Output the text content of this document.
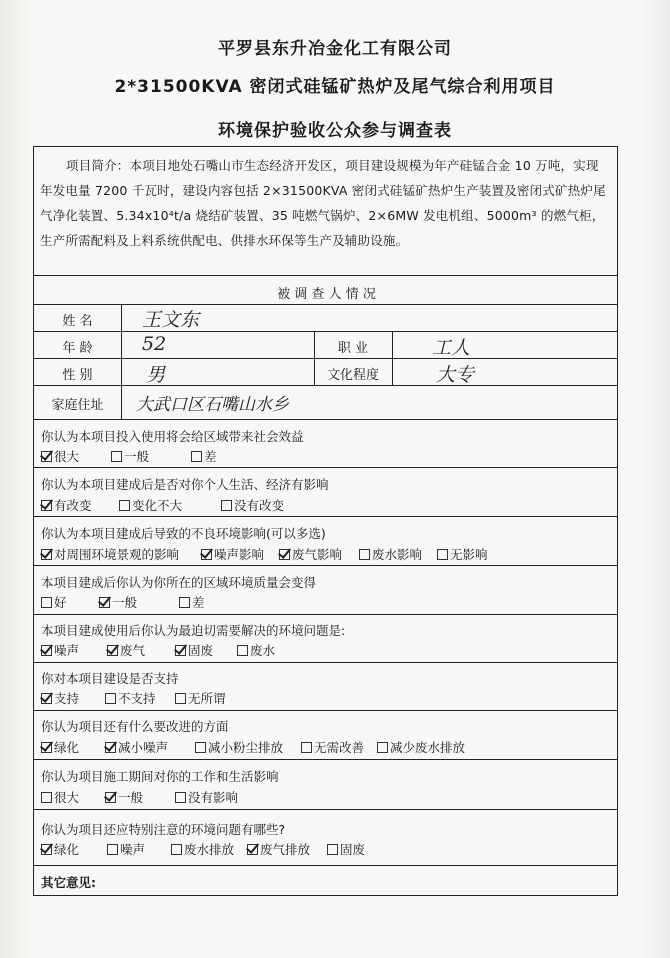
平罗县东升冶金化工有限公司
2*31500KVA 密闭式硅锰矿热炉及尾气综合利用项目
环境保护验收公众参与调查表
项目简介：本项目地处石嘴山市生态经济开发区，项目建设规模为年产硅锰合金 10 万吨，实现年发电量 7200 千瓦时，建设内容包括 2×31500KVA 密闭式硅锰矿热炉生产装置及密闭式矿热炉尾气净化装置、5.34x10⁴t/a 烧结矿装置、35 吨燃气锅炉、2×6MW 发电机组、5000m³ 的燃气柜，生产所需配料及上料系统供配电、供排水环保等生产及辅助设施。
被 调 查 人 情 况
姓 名	王文东
年 龄	52	职 业	工人
性 别	男	文化程度	大专
家庭住址	大武口区石嘴山水乡
你认为本项目投入使用将会给区域带来社会效益
很大	一般	差
你认为本项目建成后是否对你个人生活、经济有影响
有改变	变化不大	没有改变
你认为本项目建成后导致的不良环境影响(可以多选)
对周围环境景观的影响	噪声影响	废气影响	废水影响	无影响
本项目建成后你认为你所在的区域环境质量会变得
好	一般	差
本项目建成使用后你认为最迫切需要解决的环境问题是:
噪声	废气	固废	废水
你对本项目建设是否支持
支持	不支持	无所谓
你认为项目还有什么要改进的方面
绿化	减小噪声	减小粉尘排放	无需改善	减少废水排放
你认为项目施工期间对你的工作和生活影响
很大	一般	没有影响
你认为项目还应特别注意的环境问题有哪些?
绿化	噪声	废水排放	废气排放	固废
其它意见:
